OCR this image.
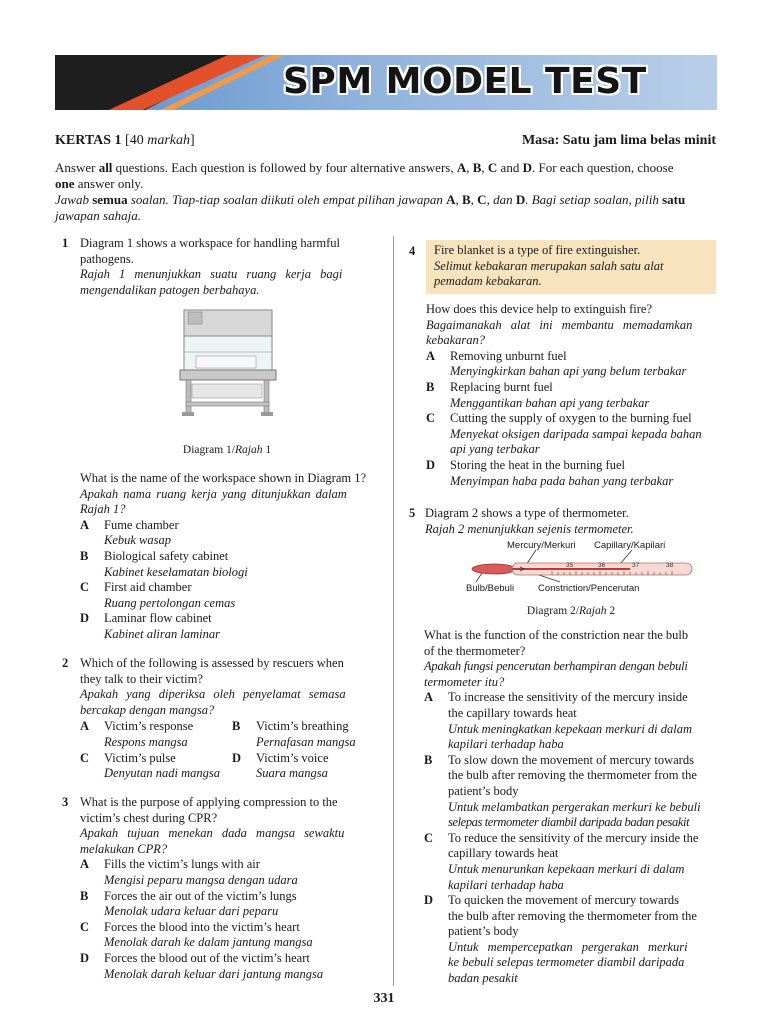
SPM MODEL TEST
KERTAS 1 [40 markah]	Masa: Satu jam lima belas minit
Answer all questions. Each question is followed by four alternative answers, A, B, C and D. For each question, choose
one answer only.
Jawab semua soalan. Tiap-tiap soalan diikuti oleh empat pilihan jawapan A, B, C, dan D. Bagi setiap soalan, pilih satu
jawapan sahaja.
1 Diagram 1 shows a workspace for handling harmful
pathogens.
Rajah 1 menunjukkan suatu ruang kerja bagi
mengendalikan patogen berbahaya.
Diagram 1/Rajah 1
What is the name of the workspace shown in Diagram 1?
Apakah nama ruang kerja yang ditunjukkan dalam
Rajah 1?
A	Fume chamber
Kebuk wasap
B	Biological safety cabinet
Kabinet keselamatan biologi
C	First aid chamber
Ruang pertolongan cemas
D	Laminar flow cabinet
Kabinet aliran laminar
2 Which of the following is assessed by rescuers when
they talk to their victim?
Apakah yang diperiksa oleh penyelamat semasa
bercakap dengan mangsa?
A	Victim’s response
Respons mangsa
B	Victim’s breathing
Pernafasan mangsa
C	Victim’s pulse
Denyutan nadi mangsa
D	Victim’s voice
Suara mangsa
3 What is the purpose of applying compression to the
victim’s chest during CPR?
Apakah tujuan menekan dada mangsa sewaktu
melakukan CPR?
A	Fills the victim’s lungs with air
Mengisi peparu mangsa dengan udara
B	Forces the air out of the victim’s lungs
Menolak udara keluar dari peparu
C	Forces the blood into the victim’s heart
Menolak darah ke dalam jantung mangsa
D	Forces the blood out of the victim’s heart
Menolak darah keluar dari jantung mangsa
4 Fire blanket is a type of fire extinguisher.
Selimut kebakaran merupakan salah satu alat
pemadam kebakaran.
How does this device help to extinguish fire?
Bagaimanakah alat ini membantu memadamkan
kebakaran?
A	Removing unburnt fuel
Menyingkirkan bahan api yang belum terbakar
B	Replacing burnt fuel
Menggantikan bahan api yang terbakar
C	Cutting the supply of oxygen to the burning fuel
Menyekat oksigen daripada sampai kepada bahan
api yang terbakar
D	Storing the heat in the burning fuel
Menyimpan haba pada bahan yang terbakar
5 Diagram 2 shows a type of thermometer.
Rajah 2 menunjukkan sejenis termometer.
35	36	37	38
Mercury/Merkuri Capillary/Kapilari
Bulb/Bebuli	Constriction/Pencerutan
Diagram 2/Rajah 2
What is the function of the constriction near the bulb
of the thermometer?
Apakah fungsi pencerutan berhampiran dengan bebuli
termometer itu?
A	To increase the sensitivity of the mercury inside
the capillary towards heat
Untuk meningkatkan kepekaan merkuri di dalam
kapilari terhadap haba
B	To slow down the movement of mercury towards
the bulb after removing the thermometer from the
patient’s body
Untuk melambatkan pergerakan merkuri ke bebuli
selepas termometer diambil daripada badan pesakit
C	To reduce the sensitivity of the mercury inside the
capillary towards heat
Untuk menurunkan kepekaan merkuri di dalam
kapilari terhadap haba
D	To quicken the movement of mercury towards
the bulb after removing the thermometer from the
patient’s body
Untuk mempercepatkan pergerakan merkuri
ke bebuli selepas termometer diambil daripada
badan pesakit
331
